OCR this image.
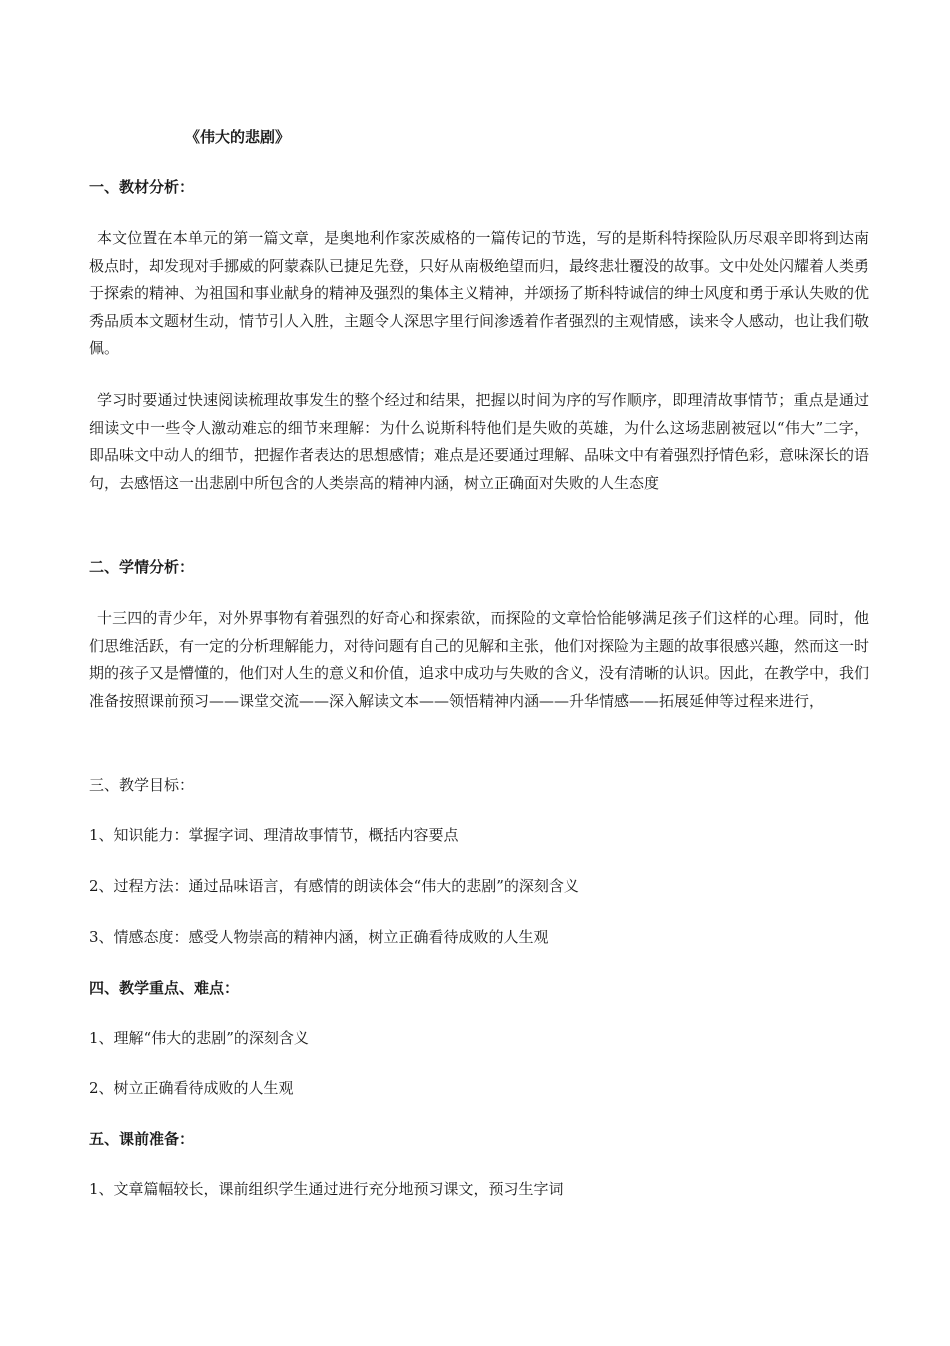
《伟大的悲剧》
一、教材分析：
本文位置在本单元的第一篇文章，是奥地利作家茨威格的一篇传记的节选，写的是斯科特探险队历尽艰辛即将到达南极点时，却发现对手挪威的阿蒙森队已捷足先登，只好从南极绝望而归，最终悲壮覆没的故事。文中处处闪耀着人类勇于探索的精神、为祖国和事业献身的精神及强烈的集体主义精神，并颂扬了斯科特诚信的绅士风度和勇于承认失败的优秀品质本文题材生动，情节引人入胜，主题令人深思字里行间渗透着作者强烈的主观情感，读来令人感动，也让我们敬佩。
学习时要通过快速阅读梳理故事发生的整个经过和结果，把握以时间为序的写作顺序，即理清故事情节；重点是通过细读文中一些令人激动难忘的细节来理解：为什么说斯科特他们是失败的英雄，为什么这场悲剧被冠以“伟大”二字，即品味文中动人的细节，把握作者表达的思想感情；难点是还要通过理解、品味文中有着强烈抒情色彩，意味深长的语句，去感悟这一出悲剧中所包含的人类崇高的精神内涵，树立正确面对失败的人生态度
二、学情分析：
十三四的青少年，对外界事物有着强烈的好奇心和探索欲，而探险的文章恰恰能够满足孩子们这样的心理。同时，他们思维活跃，有一定的分析理解能力，对待问题有自己的见解和主张，他们对探险为主题的故事很感兴趣，然而这一时期的孩子又是懵懂的，他们对人生的意义和价值，追求中成功与失败的含义，没有清晰的认识。因此，在教学中，我们准备按照课前预习——课堂交流——深入解读文本——领悟精神内涵——升华情感——拓展延伸等过程来进行，
三、教学目标：
1、知识能力：掌握字词、理清故事情节，概括内容要点
2、过程方法：通过品味语言，有感情的朗读体会“伟大的悲剧”的深刻含义
3、情感态度：感受人物崇高的精神内涵，树立正确看待成败的人生观
四、教学重点、难点：
1、理解“伟大的悲剧”的深刻含义
2、树立正确看待成败的人生观
五、课前准备：
1、文章篇幅较长，课前组织学生通过进行充分地预习课文，预习生字词
